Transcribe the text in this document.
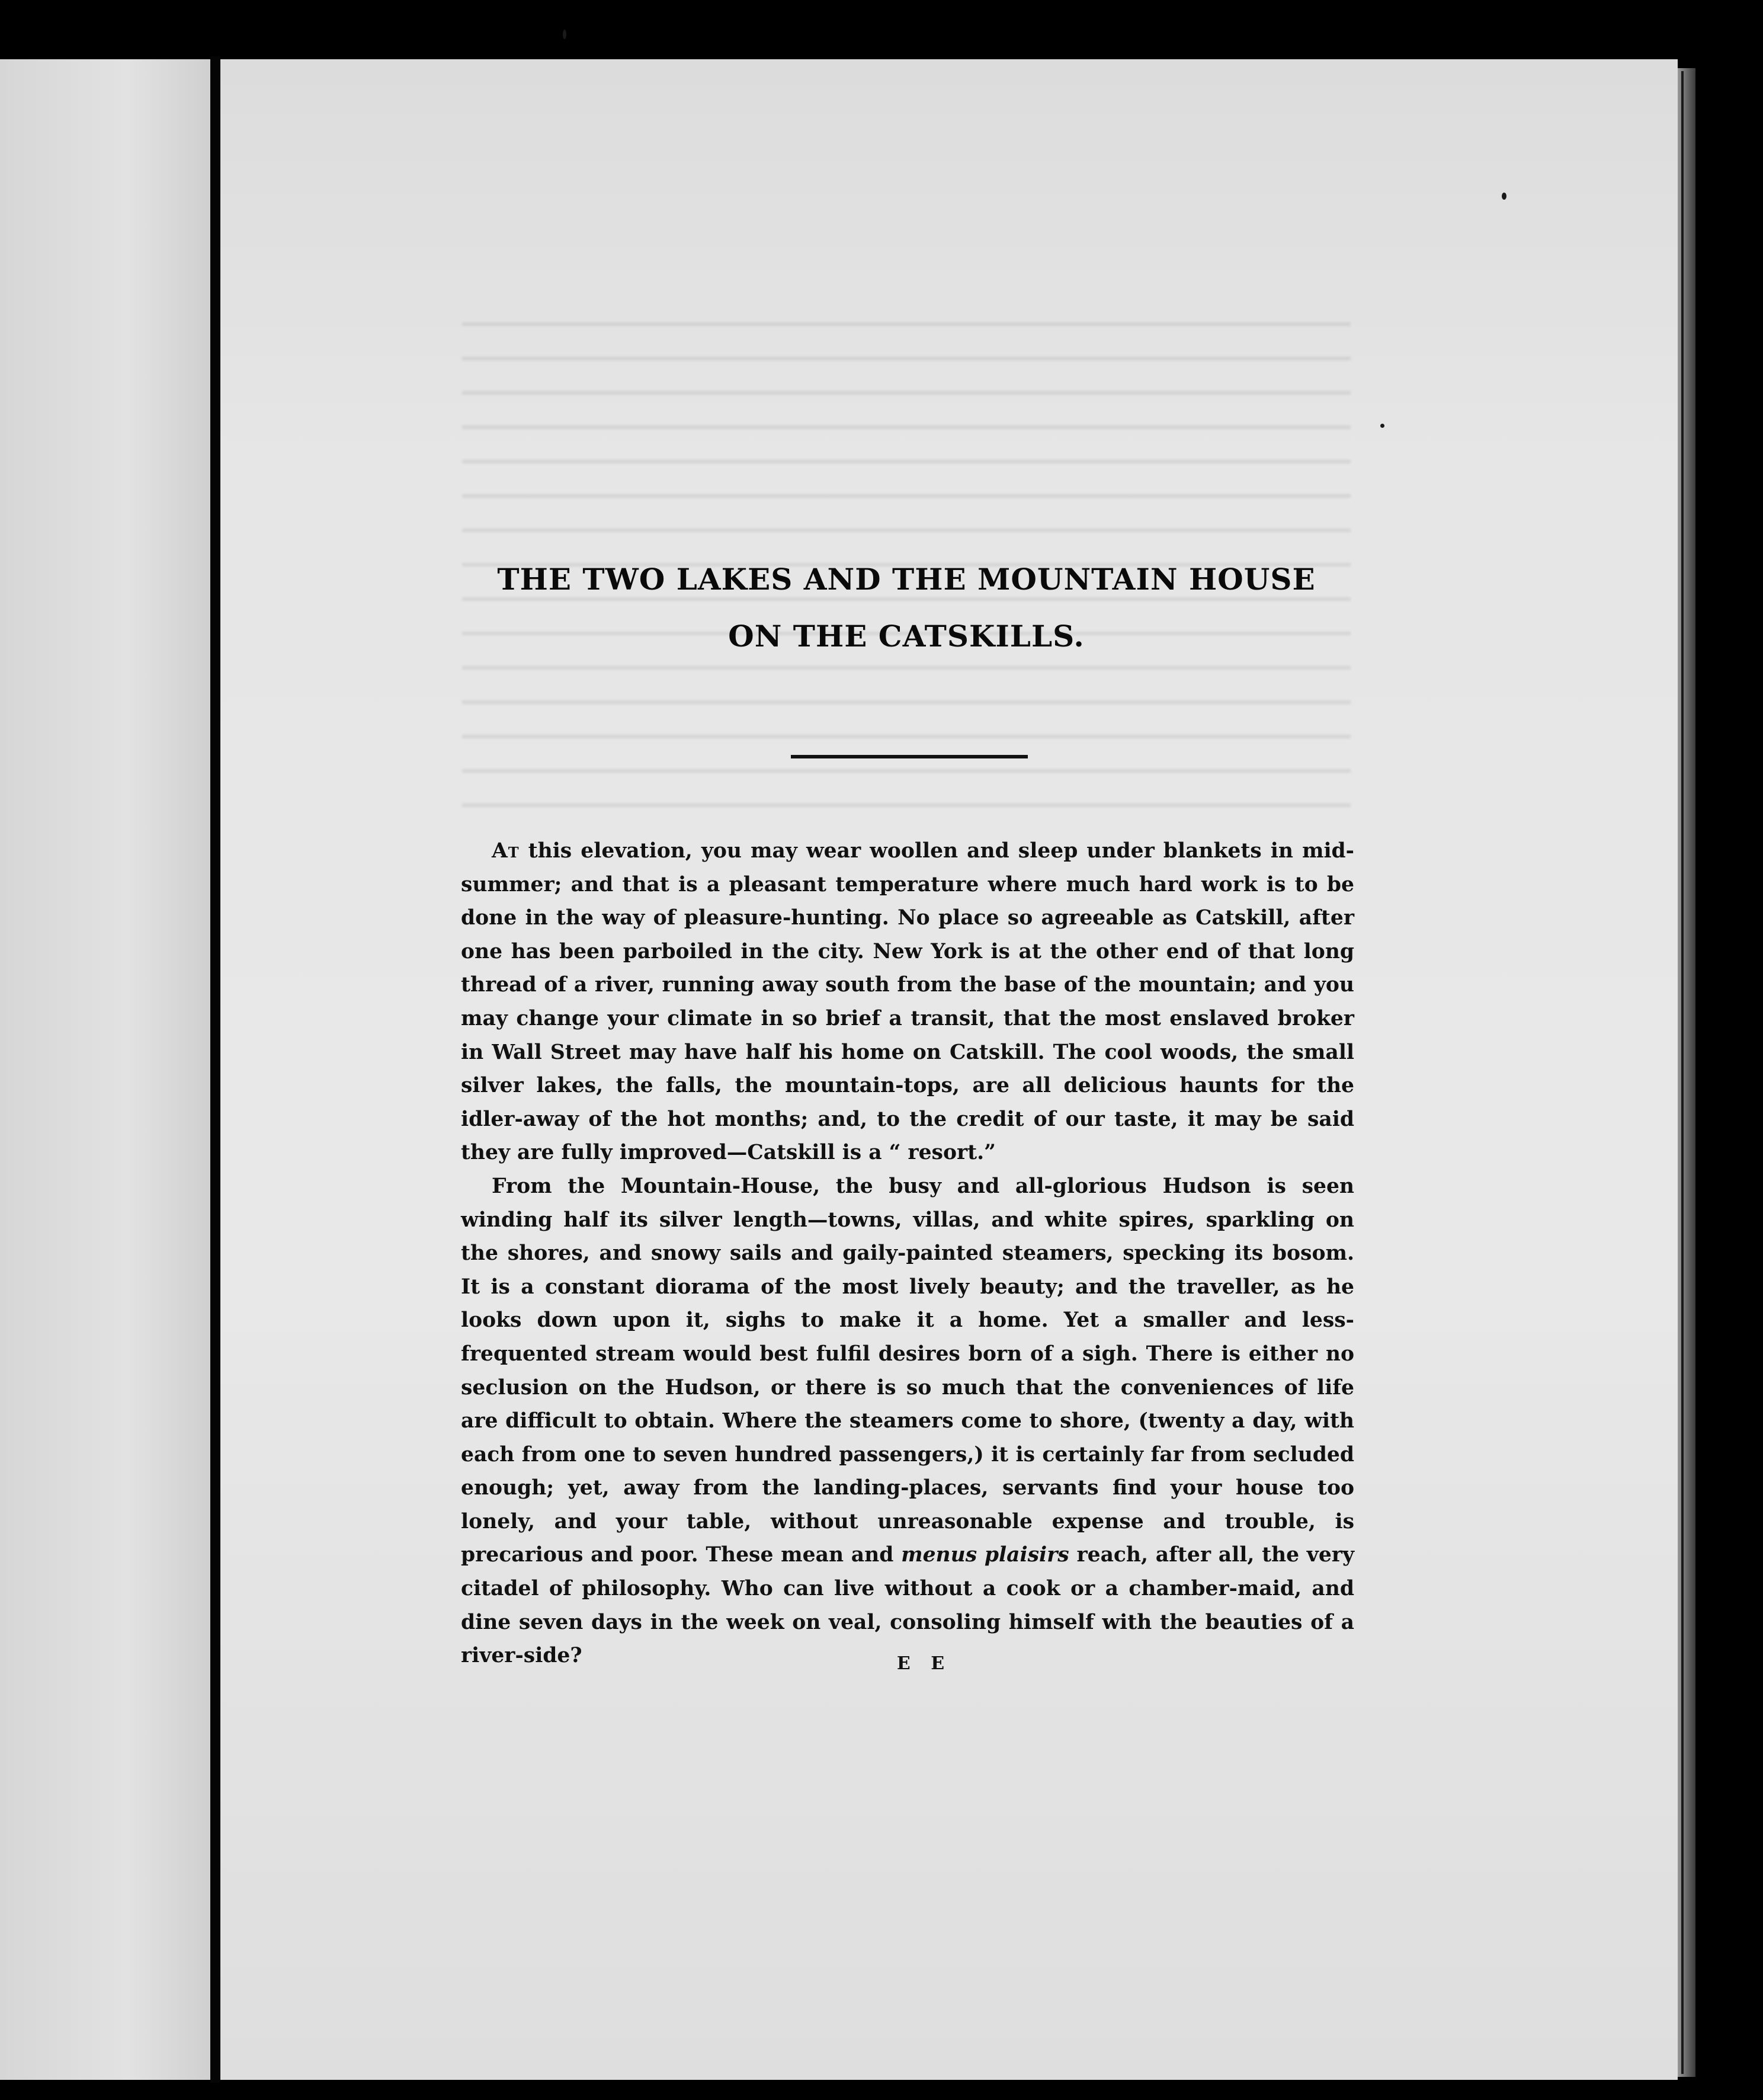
THE TWO LAKES AND THE MOUNTAIN HOUSE
ON THE CATSKILLS.

At this elevation, you may wear woollen and sleep under blankets in mid-summer; and that is a pleasant temperature where much hard work is to be done in the way of pleasure-hunting. No place so agreeable as Catskill, after one has been parboiled in the city. New York is at the other end of that long thread of a river, running away south from the base of the mountain; and you may change your climate in so brief a transit, that the most enslaved broker in Wall Street may have half his home on Catskill. The cool woods, the small silver lakes, the falls, the mountain-tops, are all delicious haunts for the idler-away of the hot months; and, to the credit of our taste, it may be said they are fully improved—Catskill is a “ resort.”

From the Mountain-House, the busy and all-glorious Hudson is seen winding half its silver length—towns, villas, and white spires, sparkling on the shores, and snowy sails and gaily-painted steamers, specking its bosom. It is a constant diorama of the most lively beauty; and the traveller, as he looks down upon it, sighs to make it a home. Yet a smaller and less-frequented stream would best fulfil desires born of a sigh. There is either no seclusion on the Hudson, or there is so much that the conveniences of life are difficult to obtain. Where the steamers come to shore, (twenty a day, with each from one to seven hundred passengers,) it is certainly far from secluded enough; yet, away from the landing-places, servants find your house too lonely, and your table, without unreasonable expense and trouble, is precarious and poor. These mean and menus plaisirs reach, after all, the very citadel of philosophy. Who can live without a cook or a chamber-maid, and dine seven days in the week on veal, consoling himself with the beauties of a river-side?	E E
